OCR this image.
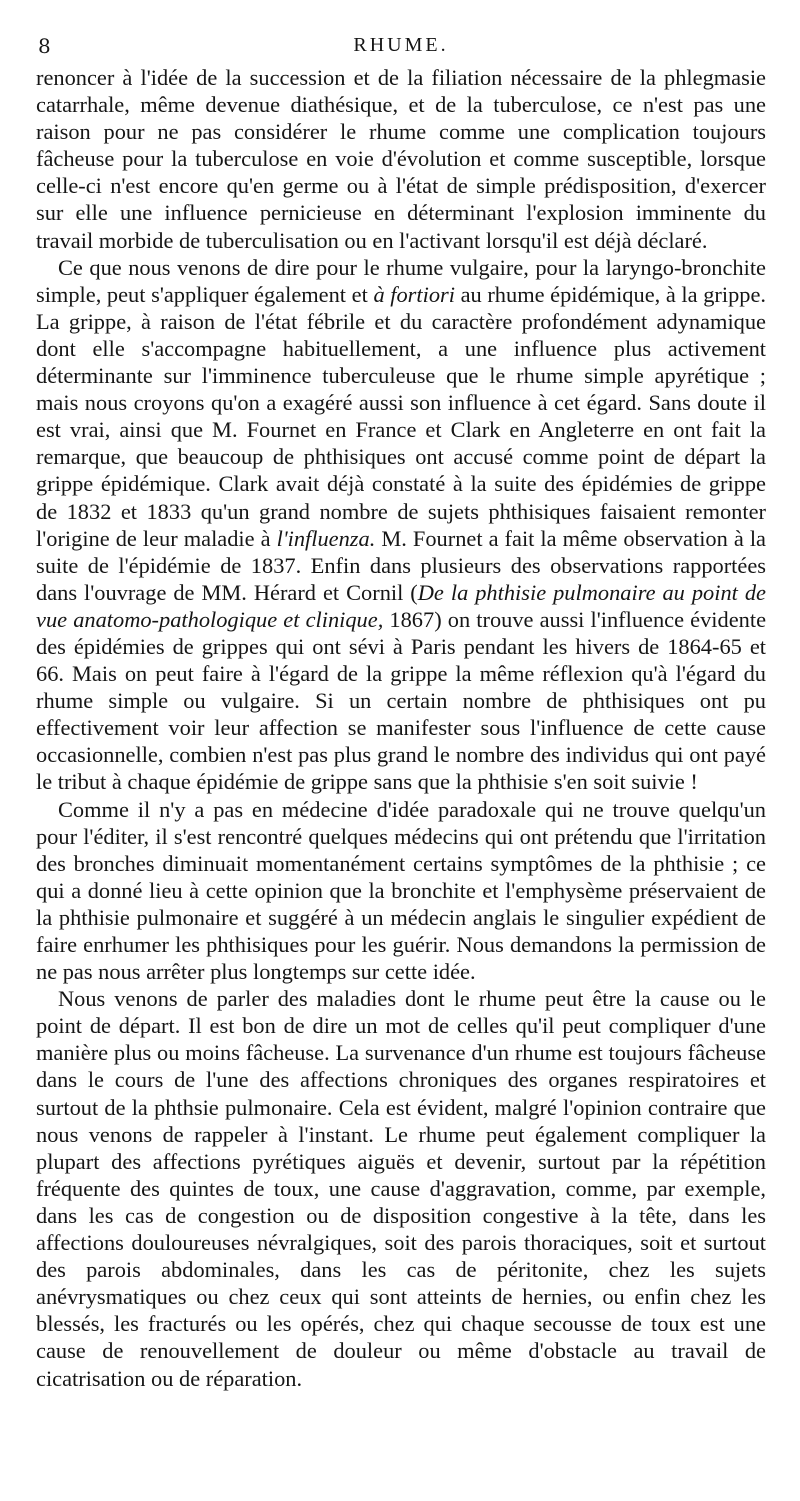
8	RHUME.

renoncer à l'idée de la succession et de la filiation nécessaire de la phlegmasie catarrhale, même devenue diathésique, et de la tuberculose, ce n'est pas une raison pour ne pas considérer le rhume comme une complication toujours fâcheuse pour la tuberculose en voie d'évolution et comme susceptible, lorsque celle-ci n'est encore qu'en germe ou à l'état de simple prédisposition, d'exercer sur elle une influence pernicieuse en déterminant l'explosion imminente du travail morbide de tuberculisation ou en l'activant lorsqu'il est déjà déclaré.

Ce que nous venons de dire pour le rhume vulgaire, pour la laryngo-bronchite simple, peut s'appliquer également et à fortiori au rhume épidémique, à la grippe. La grippe, à raison de l'état fébrile et du caractère profondément adynamique dont elle s'accompagne habituellement, a une influence plus activement déterminante sur l'imminence tuberculeuse que le rhume simple apyrétique ; mais nous croyons qu'on a exagéré aussi son influence à cet égard. Sans doute il est vrai, ainsi que M. Fournet en France et Clark en Angleterre en ont fait la remarque, que beaucoup de phthisiques ont accusé comme point de départ la grippe épidémique. Clark avait déjà constaté à la suite des épidémies de grippe de 1832 et 1833 qu'un grand nombre de sujets phthisiques faisaient remonter l'origine de leur maladie à l'influenza. M. Fournet a fait la même observation à la suite de l'épidémie de 1837. Enfin dans plusieurs des observations rapportées dans l'ouvrage de MM. Hérard et Cornil (De la phthisie pulmonaire au point de vue anatomo-pathologique et clinique, 1867) on trouve aussi l'influence évidente des épidémies de grippes qui ont sévi à Paris pendant les hivers de 1864-65 et 66. Mais on peut faire à l'égard de la grippe la même réflexion qu'à l'égard du rhume simple ou vulgaire. Si un certain nombre de phthisiques ont pu effectivement voir leur affection se manifester sous l'influence de cette cause occasionnelle, combien n'est pas plus grand le nombre des individus qui ont payé le tribut à chaque épidémie de grippe sans que la phthisie s'en soit suivie !

Comme il n'y a pas en médecine d'idée paradoxale qui ne trouve quelqu'un pour l'éditer, il s'est rencontré quelques médecins qui ont prétendu que l'irritation des bronches diminuait momentanément certains symptômes de la phthisie ; ce qui a donné lieu à cette opinion que la bronchite et l'emphysème préservaient de la phthisie pulmonaire et suggéré à un médecin anglais le singulier expédient de faire enrhumer les phthisiques pour les guérir. Nous demandons la permission de ne pas nous arrêter plus longtemps sur cette idée.

Nous venons de parler des maladies dont le rhume peut être la cause ou le point de départ. Il est bon de dire un mot de celles qu'il peut compliquer d'une manière plus ou moins fâcheuse. La survenance d'un rhume est toujours fâcheuse dans le cours de l'une des affections chroniques des organes respiratoires et surtout de la phthsie pulmonaire. Cela est évident, malgré l'opinion contraire que nous venons de rappeler à l'instant. Le rhume peut également compliquer la plupart des affections pyrétiques aiguës et devenir, surtout par la répétition fréquente des quintes de toux, une cause d'aggravation, comme, par exemple, dans les cas de congestion ou de disposition congestive à la tête, dans les affections douloureuses névralgiques, soit des parois thoraciques, soit et surtout des parois abdominales, dans les cas de péritonite, chez les sujets anévrysmatiques ou chez ceux qui sont atteints de hernies, ou enfin chez les blessés, les fracturés ou les opérés, chez qui chaque secousse de toux est une cause de renouvellement de douleur ou même d'obstacle au travail de cicatrisation ou de réparation.
